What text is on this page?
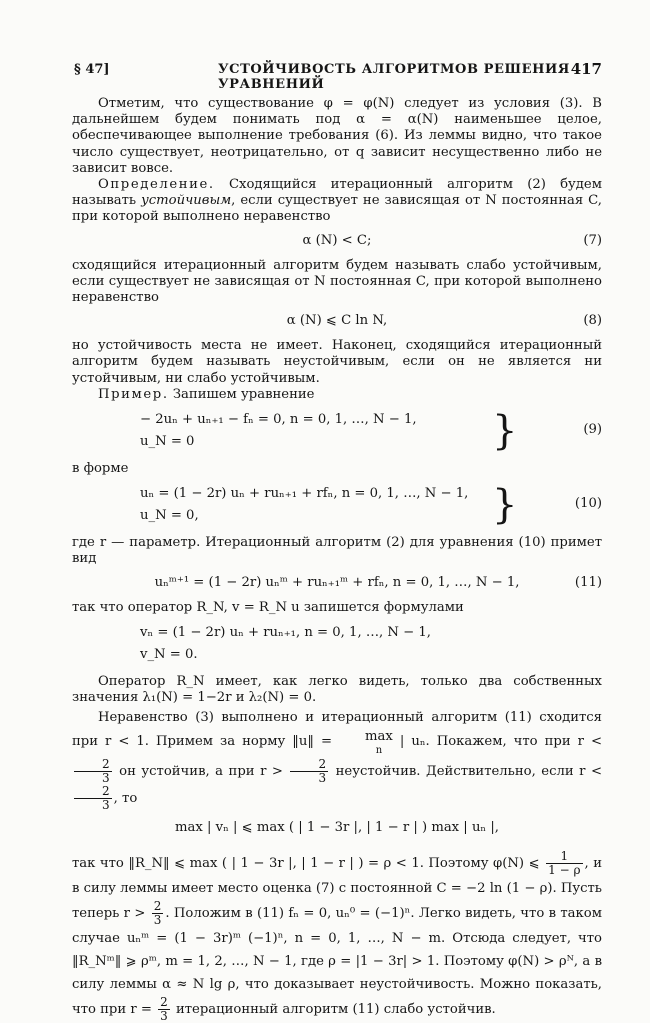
§ 47]	УСТОЙЧИВОСТЬ АЛГОРИТМОВ РЕШЕНИЯ УРАВНЕНИЙ
417

Отметим, что существование φ = φ(N) следует из условия (3). В дальнейшем будем понимать под α = α(N) наименьшее целое, обеспечивающее выполнение требования (6). Из леммы видно, что такое число существует, неотрицательно, от q зависит несущественно либо не зависит вовсе.

Определение. Сходящийся итерационный алгоритм (2) будем называть устойчивым, если существует не зависящая от N постоянная C, при которой выполнено неравенство

α (N) < C;	(7)

сходящийся итерационный алгоритм будем называть слабо устойчивым, если существует не зависящая от N постоянная C, при которой выполнено неравенство

α (N) ⩽ C ln N,	(8)

но устойчивость места не имеет. Наконец, сходящийся итерационный алгоритм будем называть неустойчивым, если он не является ни устойчивым, ни слабо устойчивым.

Пример. Запишем уравнение

− 2uₙ + uₙ₊₁ − fₙ = 0, n = 0, 1, …, N − 1,
u_N = 0	}	(9)

в форме

uₙ = (1 − 2r) uₙ + ruₙ₊₁ + rfₙ, n = 0, 1, …, N − 1,
u_N = 0,	}	(10)

где r — параметр. Итерационный алгоритм (2) для уравнения (10) примет вид

uₙᵐ⁺¹ = (1 − 2r) uₙᵐ + ruₙ₊₁ᵐ + rfₙ, n = 0, 1, …, N − 1,	(11)

так что оператор R_N, v = R_N u запишется формулами

vₙ = (1 − 2r) uₙ + ruₙ₊₁, n = 0, 1, …, N − 1,
v_N = 0.

Оператор R_N имеет, как легко видеть, только два собственных значения λ₁(N) = 1−2r и λ₂(N) = 0.

Неравенство (3) выполнено и итерационный алгоритм (11) сходится при r < 1. Примем за норму ‖u‖ =	max
n
| uₙ. Покажем, что при r <
$\frac{2}{3}$ он устойчив, а при $r > \frac{2}{3}$ неустойчив. Действительно, если r <
$\frac{2}{3}$ , то

max | vₙ | ⩽ max ( | 1 − 3r |, | 1 − r | ) max | uₙ |,

так что ‖R_N‖ ⩽ max ( | 1 − 3r |, | 1 − r | ) = ρ < 1. Поэтому φ(N) ⩽ $\frac{1}{1 - \rho}$ , и в силу леммы имеет место оценка (7) с постоянной C = −2 ln (1 − ρ). Пусть теперь $r > \frac{2}{3}$ . Положим в (11) fₙ = 0, uₙ⁰ = (−1)ⁿ. Легко видеть, что в таком случае uₙᵐ = (1 − 3r)ᵐ (−1)ⁿ, n = 0, 1, …, N − m. Отсюда следует, что ‖R_Nᵐ‖ ⩾ ρᵐ, m = 1, 2, …, N − 1, где ρ = |1 − 3r| > 1. Поэтому φ(N) > ρᴺ, а в силу леммы α ≈ N lg ρ, что доказывает неустойчивость. Можно показать, что при $r = \frac{2}{3}$ итерационный алгоритм (11) слабо устойчив.
